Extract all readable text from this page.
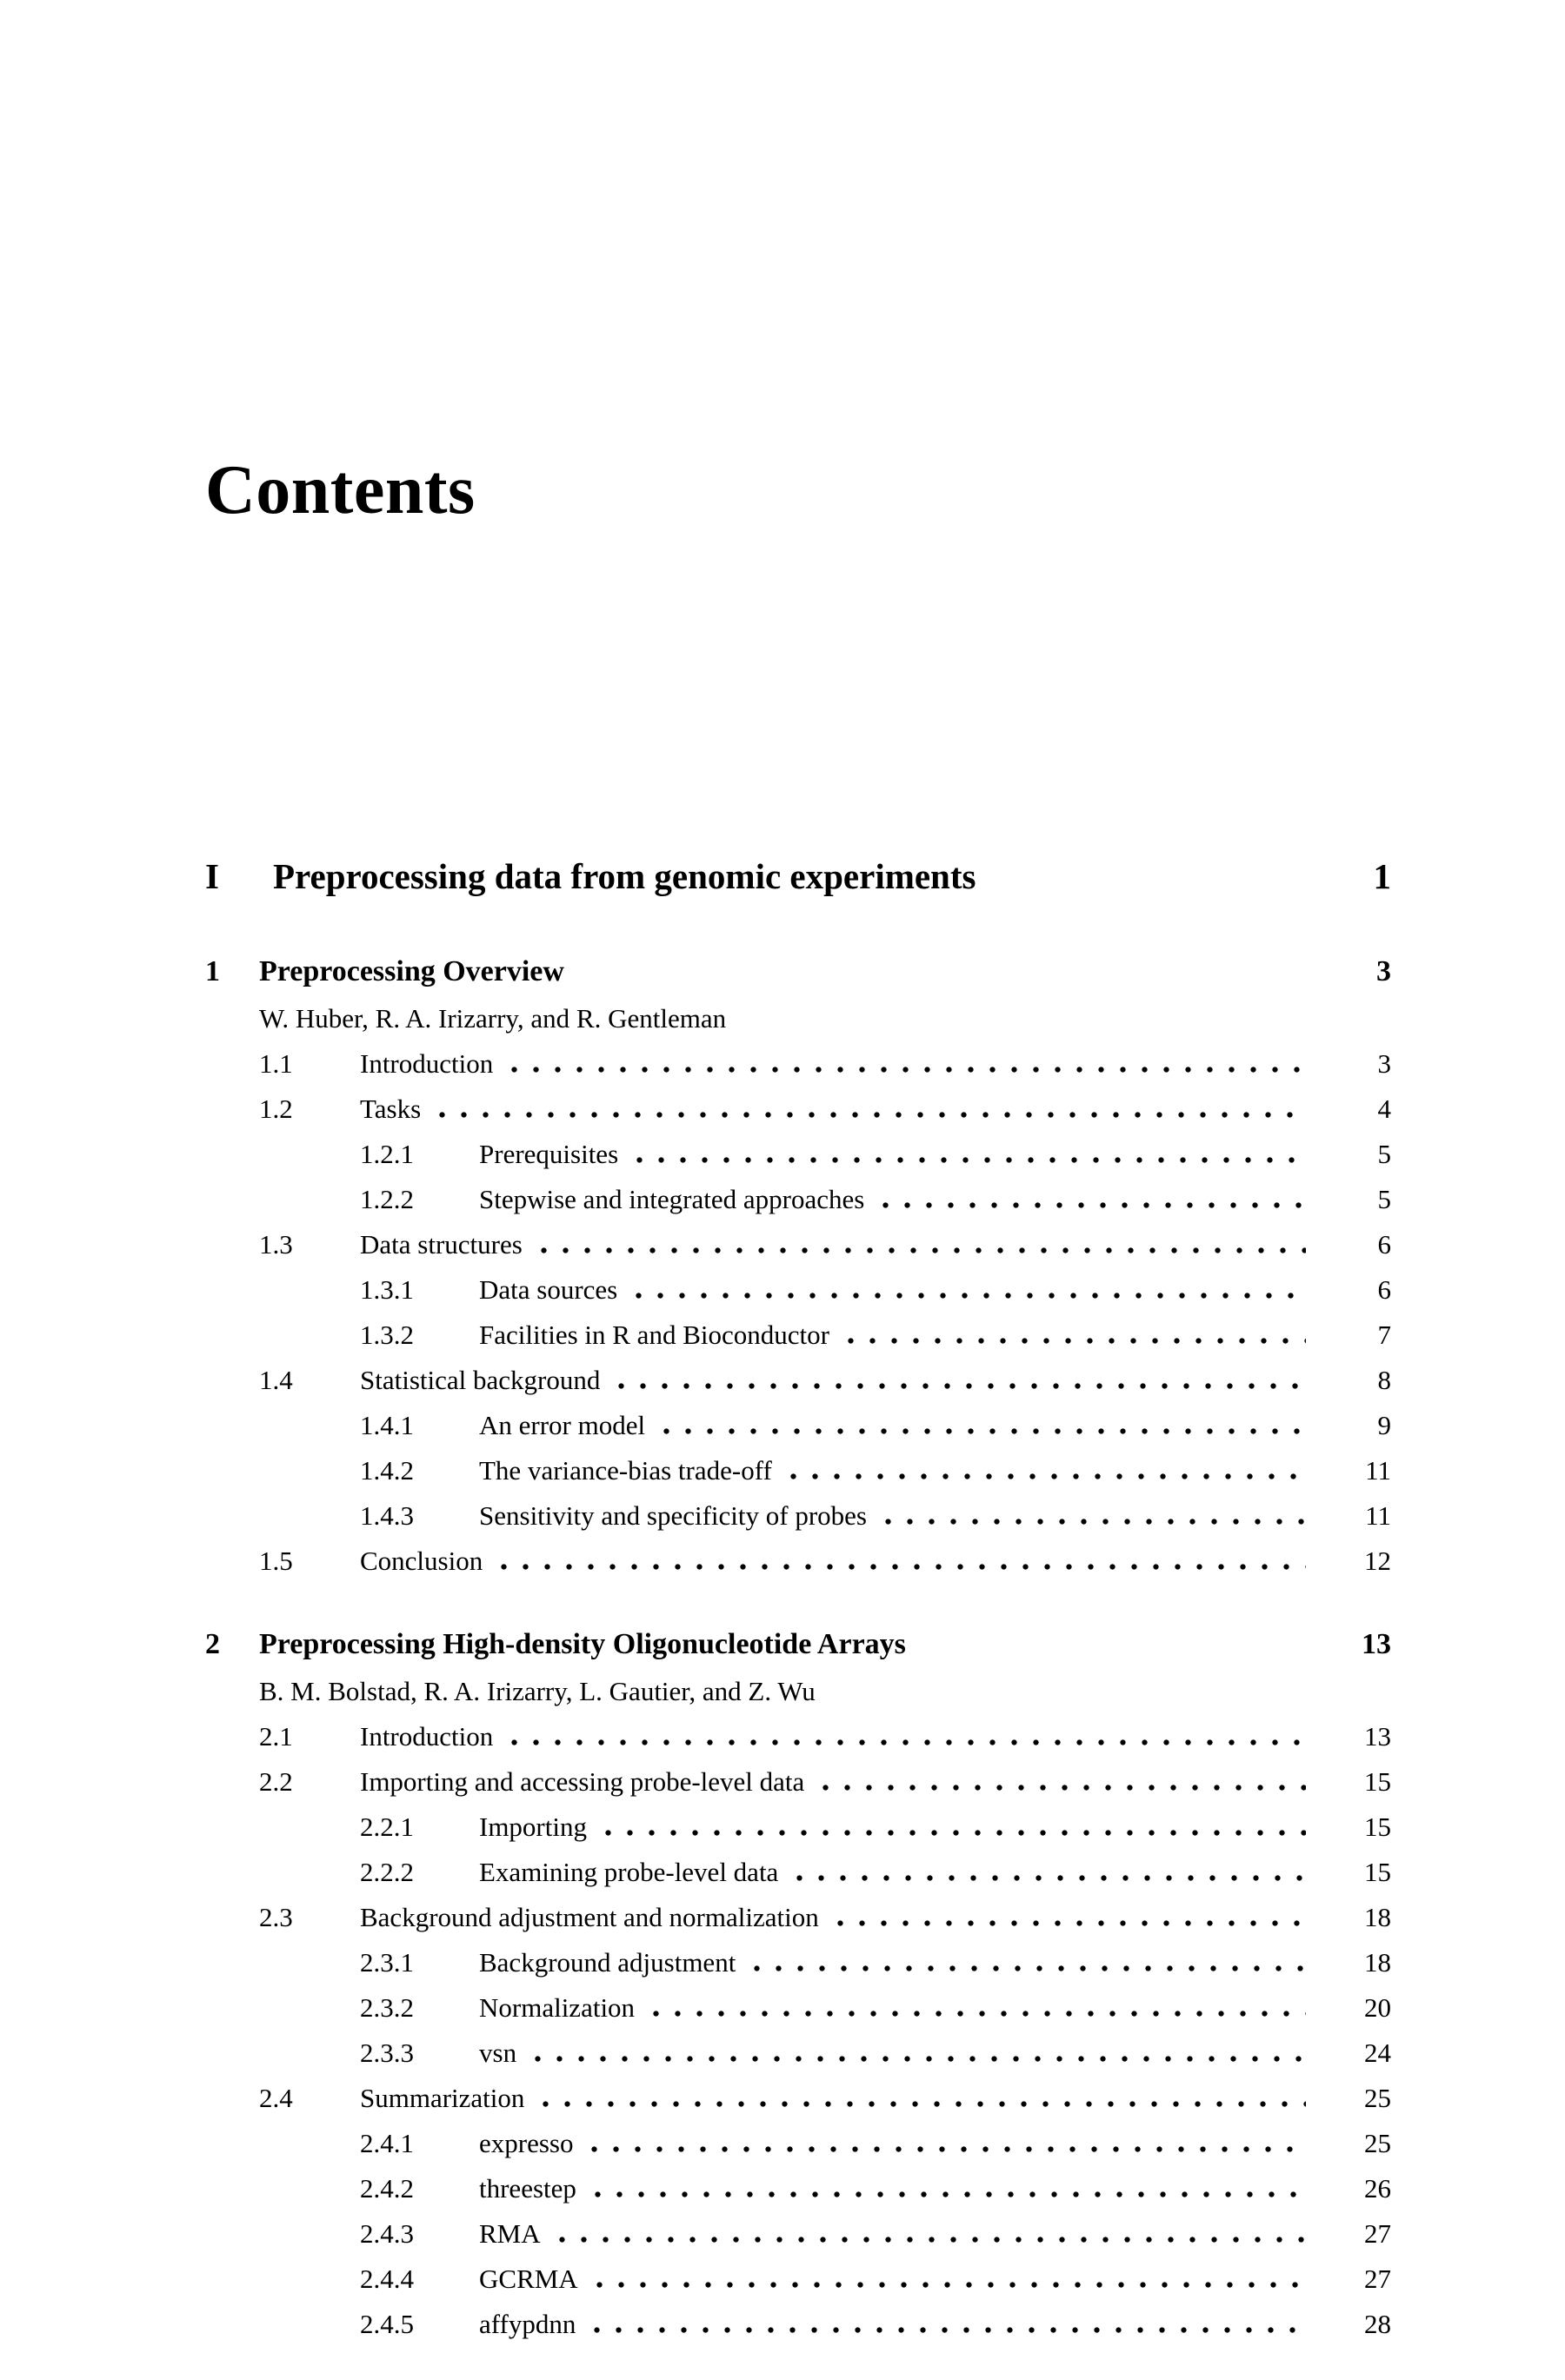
Contents
I	Preprocessing data from genomic experiments	1
1	Preprocessing Overview	3
W. Huber, R. A. Irizarry, and R. Gentleman
1.1	Introduction	3
1.2	Tasks	4
1.2.1	Prerequisites	5
1.2.2	Stepwise and integrated approaches	5
1.3	Data structures	6
1.3.1	Data sources	6
1.3.2	Facilities in R and Bioconductor	7
1.4	Statistical background	8
1.4.1	An error model	9
1.4.2	The variance-bias trade-off	11
1.4.3	Sensitivity and specificity of probes	11
1.5	Conclusion	12
2	Preprocessing High-density Oligonucleotide Arrays	13
B. M. Bolstad, R. A. Irizarry, L. Gautier, and Z. Wu
2.1	Introduction	13
2.2	Importing and accessing probe-level data	15
2.2.1	Importing	15
2.2.2	Examining probe-level data	15
2.3	Background adjustment and normalization	18
2.3.1	Background adjustment	18
2.3.2	Normalization	20
2.3.3	vsn	24
2.4	Summarization	25
2.4.1	expresso	25
2.4.2	threestep	26
2.4.3	RMA	27
2.4.4	GCRMA	27
2.4.5	affypdnn	28
